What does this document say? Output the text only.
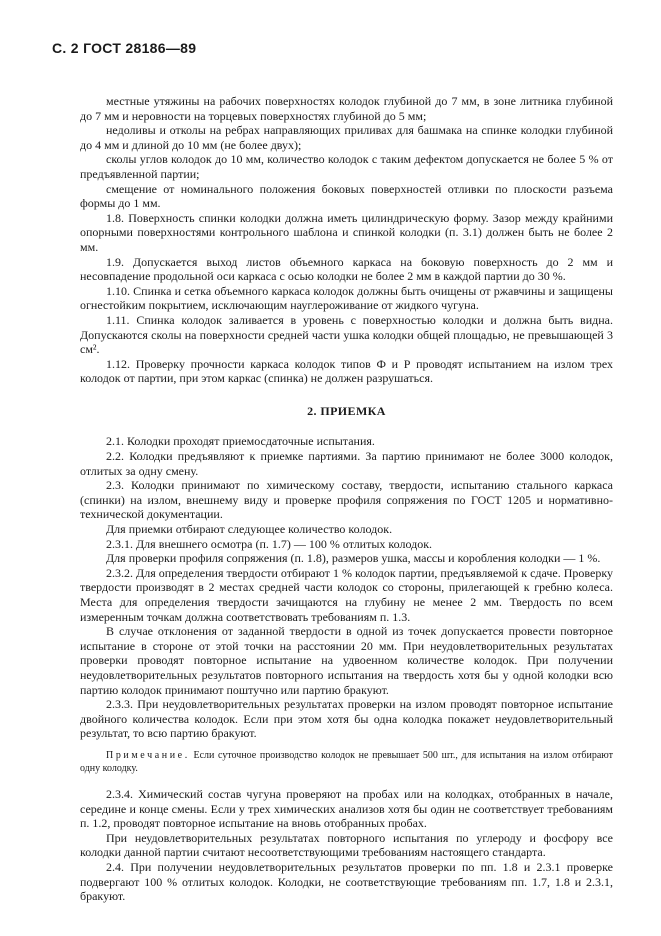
С. 2 ГОСТ 28186—89

местные утяжины на рабочих поверхностях колодок глубиной до 7 мм, в зоне литника глубиной до 7 мм и неровности на торцевых поверхностях глубиной до 5 мм;

недоливы и отколы на ребрах направляющих приливах для башмака на спинке колодки глубиной до 4 мм и длиной до 10 мм (не более двух);

сколы углов колодок до 10 мм, количество колодок с таким дефектом допускается не более 5 % от предъявленной партии;

смещение от номинального положения боковых поверхностей отливки по плоскости разъема формы до 1 мм.

1.8. Поверхность спинки колодки должна иметь цилиндрическую форму. Зазор между крайними опорными поверхностями контрольного шаблона и спинкой колодки (п. 3.1) должен быть не более 2 мм.

1.9. Допускается выход листов объемного каркаса на боковую поверхность до 2 мм и несовпадение продольной оси каркаса с осью колодки не более 2 мм в каждой партии до 30 %.

1.10. Спинка и сетка объемного каркаса колодок должны быть очищены от ржавчины и защищены огнестойким покрытием, исключающим науглероживание от жидкого чугуна.

1.11. Спинка колодок заливается в уровень с поверхностью колодки и должна быть видна. Допускаются сколы на поверхности средней части ушка колодки общей площадью, не превышающей 3 см².

1.12. Проверку прочности каркаса колодок типов Ф и Р проводят испытанием на излом трех колодок от партии, при этом каркас (спинка) не должен разрушаться.

2. ПРИЕМКА

2.1. Колодки проходят приемосдаточные испытания.

2.2. Колодки предъявляют к приемке партиями. За партию принимают не более 3000 колодок, отлитых за одну смену.

2.3. Колодки принимают по химическому составу, твердости, испытанию стального каркаса (спинки) на излом, внешнему виду и проверке профиля сопряжения по ГОСТ 1205 и нормативно-технической документации.

Для приемки отбирают следующее количество колодок.

2.3.1. Для внешнего осмотра (п. 1.7) — 100 % отлитых колодок.

Для проверки профиля сопряжения (п. 1.8), размеров ушка, массы и коробления колодки — 1 %.

2.3.2. Для определения твердости отбирают 1 % колодок партии, предъявляемой к сдаче. Проверку твердости производят в 2 местах средней части колодок со стороны, прилегающей к гребню колеса. Места для определения твердости зачищаются на глубину не менее 2 мм. Твердость по всем измеренным точкам должна соответствовать требованиям п. 1.3.

В случае отклонения от заданной твердости в одной из точек допускается провести повторное испытание в стороне от этой точки на расстоянии 20 мм. При неудовлетворительных результатах проверки проводят повторное испытание на удвоенном количестве колодок. При получении неудовлетворительных результатов повторного испытания на твердость хотя бы у одной колодки всю партию колодок принимают поштучно или партию бракуют.

2.3.3. При неудовлетворительных результатах проверки на излом проводят повторное испытание двойного количества колодок. Если при этом хотя бы одна колодка покажет неудовлетворительный результат, то всю партию бракуют.

Примечание. Если суточное производство колодок не превышает 500 шт., для испытания на излом отбирают одну колодку.

2.3.4. Химический состав чугуна проверяют на пробах или на колодках, отобранных в начале, середине и конце смены. Если у трех химических анализов хотя бы один не соответствует требованиям п. 1.2, проводят повторное испытание на вновь отобранных пробах.

При неудовлетворительных результатах повторного испытания по углероду и фосфору все колодки данной партии считают несоответствующими требованиям настоящего стандарта.

2.4. При получении неудовлетворительных результатов проверки по пп. 1.8 и 2.3.1 проверке подвергают 100 % отлитых колодок. Колодки, не соответствующие требованиям пп. 1.7, 1.8 и 2.3.1, бракуют.
